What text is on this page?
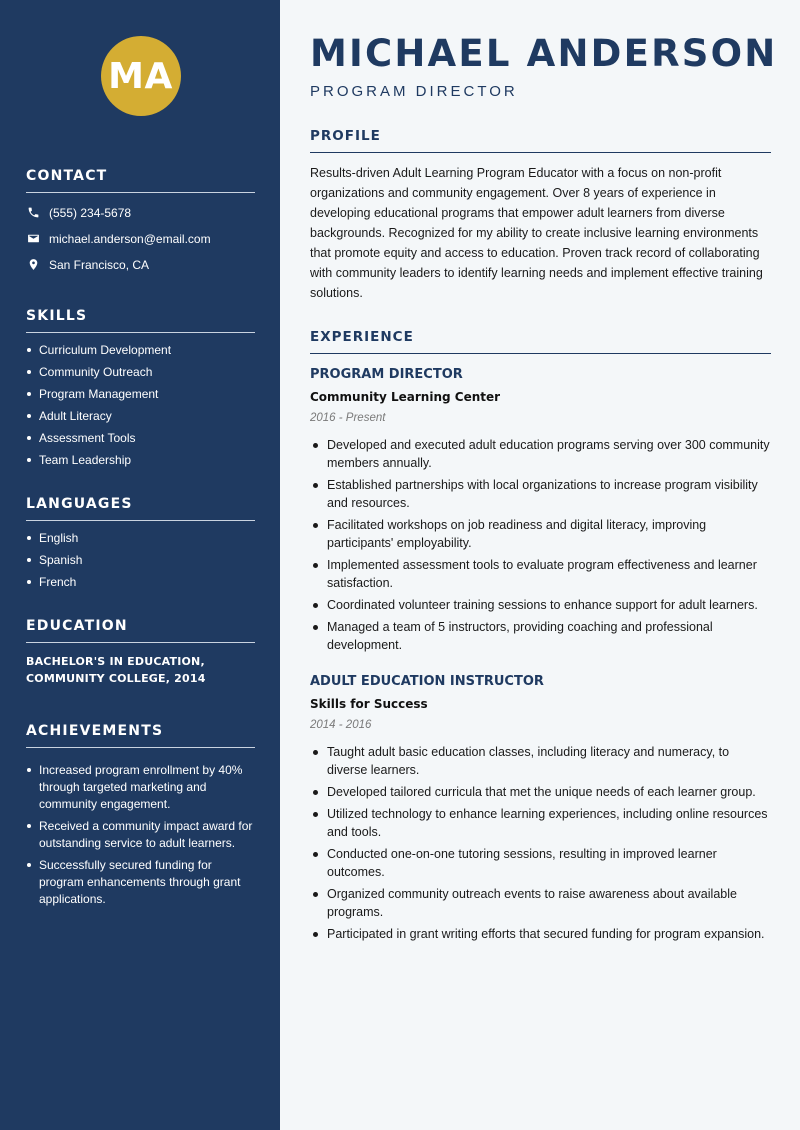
MA
CONTACT
(555) 234-5678
michael.anderson@email.com
San Francisco, CA
SKILLS
Curriculum Development
Community Outreach
Program Management
Adult Literacy
Assessment Tools
Team Leadership
LANGUAGES
English
Spanish
French
EDUCATION
BACHELOR'S IN EDUCATION,
COMMUNITY COLLEGE, 2014
ACHIEVEMENTS
Increased program enrollment by 40% through targeted marketing and community engagement.
Received a community impact award for outstanding service to adult learners.
Successfully secured funding for program enhancements through grant applications.
MICHAEL ANDERSON
PROGRAM DIRECTOR
PROFILE

Results-driven Adult Learning Program Educator with a focus on non-profit organizations and community engagement. Over 8 years of experience in developing educational programs that empower adult learners from diverse backgrounds. Recognized for my ability to create inclusive learning environments that promote equity and access to education. Proven track record of collaborating with community leaders to identify learning needs and implement effective training solutions.

EXPERIENCE
PROGRAM DIRECTOR
Community Learning Center
2016 - Present
Developed and executed adult education programs serving over 300 community members annually.
Established partnerships with local organizations to increase program visibility and resources.
Facilitated workshops on job readiness and digital literacy, improving participants' employability.
Implemented assessment tools to evaluate program effectiveness and learner satisfaction.
Coordinated volunteer training sessions to enhance support for adult learners.
Managed a team of 5 instructors, providing coaching and professional development.
ADULT EDUCATION INSTRUCTOR
Skills for Success
2014 - 2016
Taught adult basic education classes, including literacy and numeracy, to diverse learners.
Developed tailored curricula that met the unique needs of each learner group.
Utilized technology to enhance learning experiences, including online resources and tools.
Conducted one-on-one tutoring sessions, resulting in improved learner outcomes.
Organized community outreach events to raise awareness about available programs.
Participated in grant writing efforts that secured funding for program expansion.
